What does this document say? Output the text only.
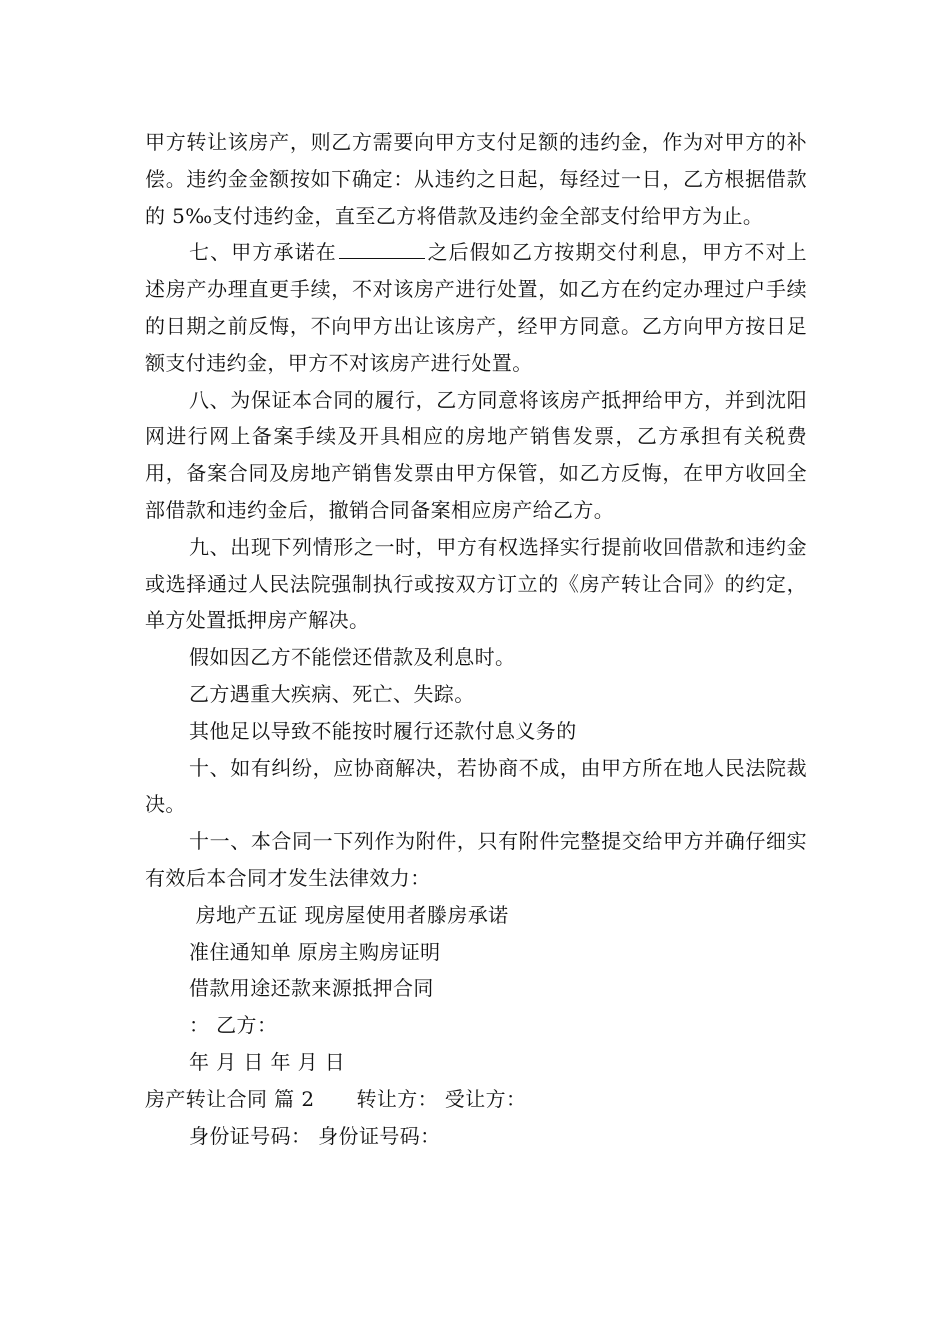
甲方转让该房产，则乙方需要向甲方支付足额的违约金，作为对甲方的补偿。违约金金额按如下确定：从违约之日起，每经过一日，乙方根据借款的 5‰支付违约金，直至乙方将借款及违约金全部支付给甲方为止。

七、甲方承诺在	之后假如乙方按期交付利息，甲方不对上述房产办理直更手续，不对该房产进行处置，如乙方在约定办理过户手续的日期之前反悔，不向甲方出让该房产，经甲方同意。乙方向甲方按日足额支付违约金，甲方不对该房产进行处置。

八、为保证本合同的履行，乙方同意将该房产抵押给甲方，并到沈阳网进行网上备案手续及开具相应的房地产销售发票，乙方承担有关税费用，备案合同及房地产销售发票由甲方保管，如乙方反悔，在甲方收回全部借款和违约金后，撤销合同备案相应房产给乙方。

九、出现下列情形之一时，甲方有权选择实行提前收回借款和违约金或选择通过人民法院强制执行或按双方订立的《房产转让合同》的约定，单方处置抵押房产解决。

假如因乙方不能偿还借款及利息时。

乙方遇重大疾病、死亡、失踪。

其他足以导致不能按时履行还款付息义务的

十、如有纠纷，应协商解决，若协商不成，由甲方所在地人民法院裁决。

十一、本合同一下列作为附件，只有附件完整提交给甲方并确仔细实有效后本合同才发生法律效力：

房地产五证 现房屋使用者滕房承诺

准住通知单 原房主购房证明

借款用途还款来源抵押合同

： 乙方：

年 月 日 年 月 日

房产转让合同 篇 2 转让方： 受让方：

身份证号码： 身份证号码：
